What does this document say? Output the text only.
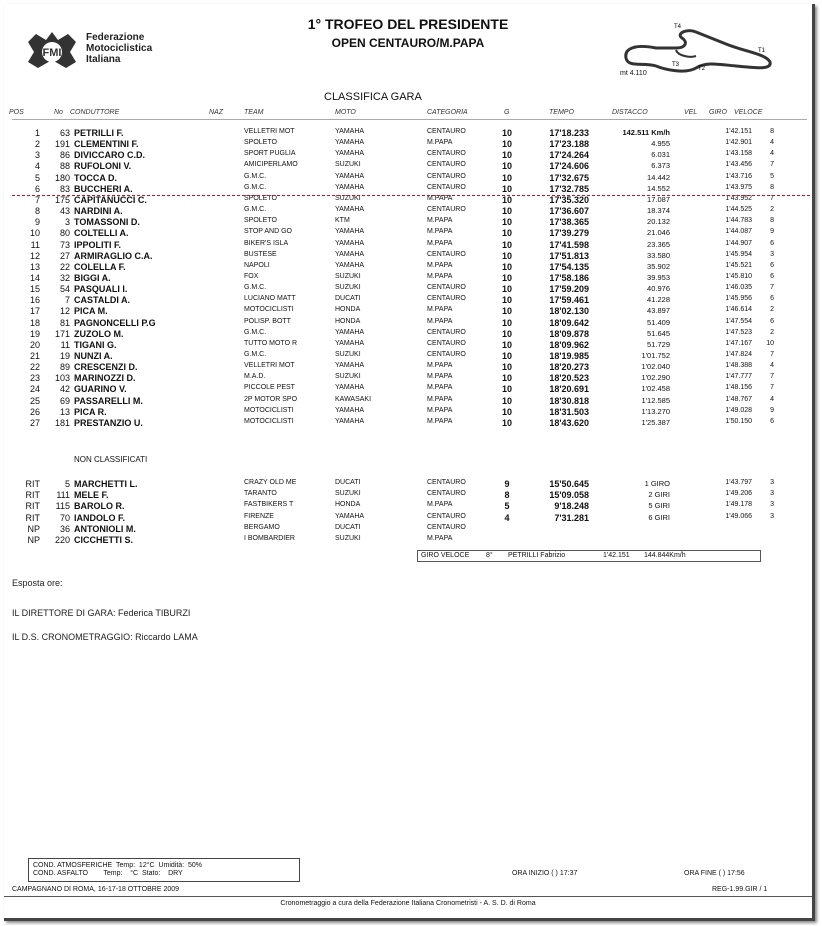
FMI
Federazione
Motociclistica
Italiana
1° TROFEO DEL PRESIDENTE
OPEN CENTAURO/M.PAPA
T3
T4
T1
T2
mt 4.110
CLASSIFICA GARA
POS	No CONDUTTORE	NAZ	TEAM	MOTO	CATEGORIA	G	TEMPO	DISTACCO	VEL GIRO VELOCE
1	63 PETRILLI F.	VELLETRI MOT	YAMAHA	CENTAURO	10	17'18.233	142.511 Km/h	1'42.151	8
2	191 CLEMENTINI F.	SPOLETO	YAMAHA	M.PAPA	10	17'23.188	4.955	1'42.901	4
3	86 DIVICCARO C.D.	SPORT PUGLIA	YAMAHA	CENTAURO	10	17'24.264	6.031	1'43.158	4
4	88 RUFOLONI V.	AMICIPERLAMO	SUZUKI	CENTAURO	10	17'24.606	6.373	1'43.456	7
5	180 TOCCA D.	G.M.C.	YAMAHA	CENTAURO	10	17'32.675	14.442	1'43.716	5
6	83 BUCCHERI A.	G.M.C.	YAMAHA	CENTAURO	10	17'32.785	14.552	1'43.975	8
7	175 CAPITANUCCI C.	SPOLETO	SUZUKI	M.PAPA	10	17'35.320	17.087	1'43.952	7
8	43 NARDINI A.	G.M.C.	YAMAHA	CENTAURO	10	17'36.607	18.374	1'44.525	2
9	3 TOMASSONI D.	SPOLETO	KTM	M.PAPA	10	17'38.365	20.132	1'44.783	8
10	80 COLTELLI A.	STOP AND GO	YAMAHA	M.PAPA	10	17'39.279	21.046	1'44.087	9
11	73 IPPOLITI F.	BIKER'S ISLA	YAMAHA	M.PAPA	10	17'41.598	23.365	1'44.907	6
12	27 ARMIRAGLIO C.A.	BUSTESE	YAMAHA	CENTAURO	10	17'51.813	33.580	1'45.954	3
13	22 COLELLA F.	NAPOLI	YAMAHA	M.PAPA	10	17'54.135	35.902	1'45.521	6
14	32 BIGGI A.	FOX	SUZUKI	M.PAPA	10	17'58.186	39.953	1'45.810	6
15	54 PASQUALI I.	G.M.C.	SUZUKI	CENTAURO	10	17'59.209	40.976	1'46.035	7
16	7 CASTALDI A.	LUCIANO MATT	DUCATI	CENTAURO	10	17'59.461	41.228	1'45.956	6
17	12 PICA M.	MOTOCICLISTI	HONDA	M.PAPA	10	18'02.130	43.897	1'46.614	2
18	81 PAGNONCELLI P.G	POLISP. BOTT	HONDA	M.PAPA	10	18'09.642	51.409	1'47.554	6
19	171 ZUZOLO M.	G.M.C.	YAMAHA	CENTAURO	10	18'09.878	51.645	1'47.523	2
20	11 TIGANI G.	TUTTO MOTO R	YAMAHA	CENTAURO	10	18'09.962	51.729	1'47.167	10
21	19 NUNZI A.	G.M.C.	SUZUKI	CENTAURO	10	18'19.985	1'01.752	1'47.824	7
22	89 CRESCENZI D.	VELLETRI MOT	YAMAHA	M.PAPA	10	18'20.273	1'02.040	1'48.388	4
23	103 MARINOZZI D.	M.A.D.	SUZUKI	M.PAPA	10	18'20.523	1'02.290	1'47.777	7
24	42 GUARINO V.	PICCOLE PEST	YAMAHA	M.PAPA	10	18'20.691	1'02.458	1'48.156	7
25	69 PASSARELLI M.	2P MOTOR SPO	KAWASAKI	M.PAPA	10	18'30.818	1'12.585	1'48.767	4
26	13 PICA R.	MOTOCICLISTI	YAMAHA	M.PAPA	10	18'31.503	1'13.270	1'49.028	9
27	181 PRESTANZIO U.	MOTOCICLISTI	YAMAHA	M.PAPA	10	18'43.620	1'25.387	1'50.150	6
NON CLASSIFICATI
RIT	5 MARCHETTI L.	CRAZY OLD ME	DUCATI	CENTAURO	9	15'50.645	1 GIRO	1'43.797	3
RIT	111 MELE F.	TARANTO	SUZUKI	CENTAURO	8	15'09.058	2 GIRI	1'49.206	3
RIT	115 BAROLO R.	FASTBIKERS T	HONDA	M.PAPA	5	9'18.248	5 GIRI	1'49.178	3
RIT	70 IANDOLO F.	FIRENZE	YAMAHA	CENTAURO	4	7'31.281	6 GIRI	1'49.066	3
NP	36 ANTONIOLI M.	BERGAMO	DUCATI	CENTAURO
NP	220 CICCHETTI S.	I BOMBARDIER	SUZUKI	M.PAPA
GIRO VELOCE 8° PETRILLI Fabrizio	1'42.151 144.844Km/h
Esposta ore:
IL DIRETTORE DI GARA: Federica TIBURZI
IL D.S. CRONOMETRAGGIO: Riccardo LAMA
COND. ATMOSFERICHE  Temp:  12°C  Umidità:  50%
COND. ASFALTO        Temp:    °C  Stato:    DRY	ORA INIZIO ( ) 17:37	ORA FINE ( ) 17:56
CAMPAGNANO DI ROMA, 16-17-18 OTTOBRE 2009	REG-1.99.GIR / 1
Cronometraggio a cura della Federazione Italiana Cronometristi - A. S. D. di Roma
